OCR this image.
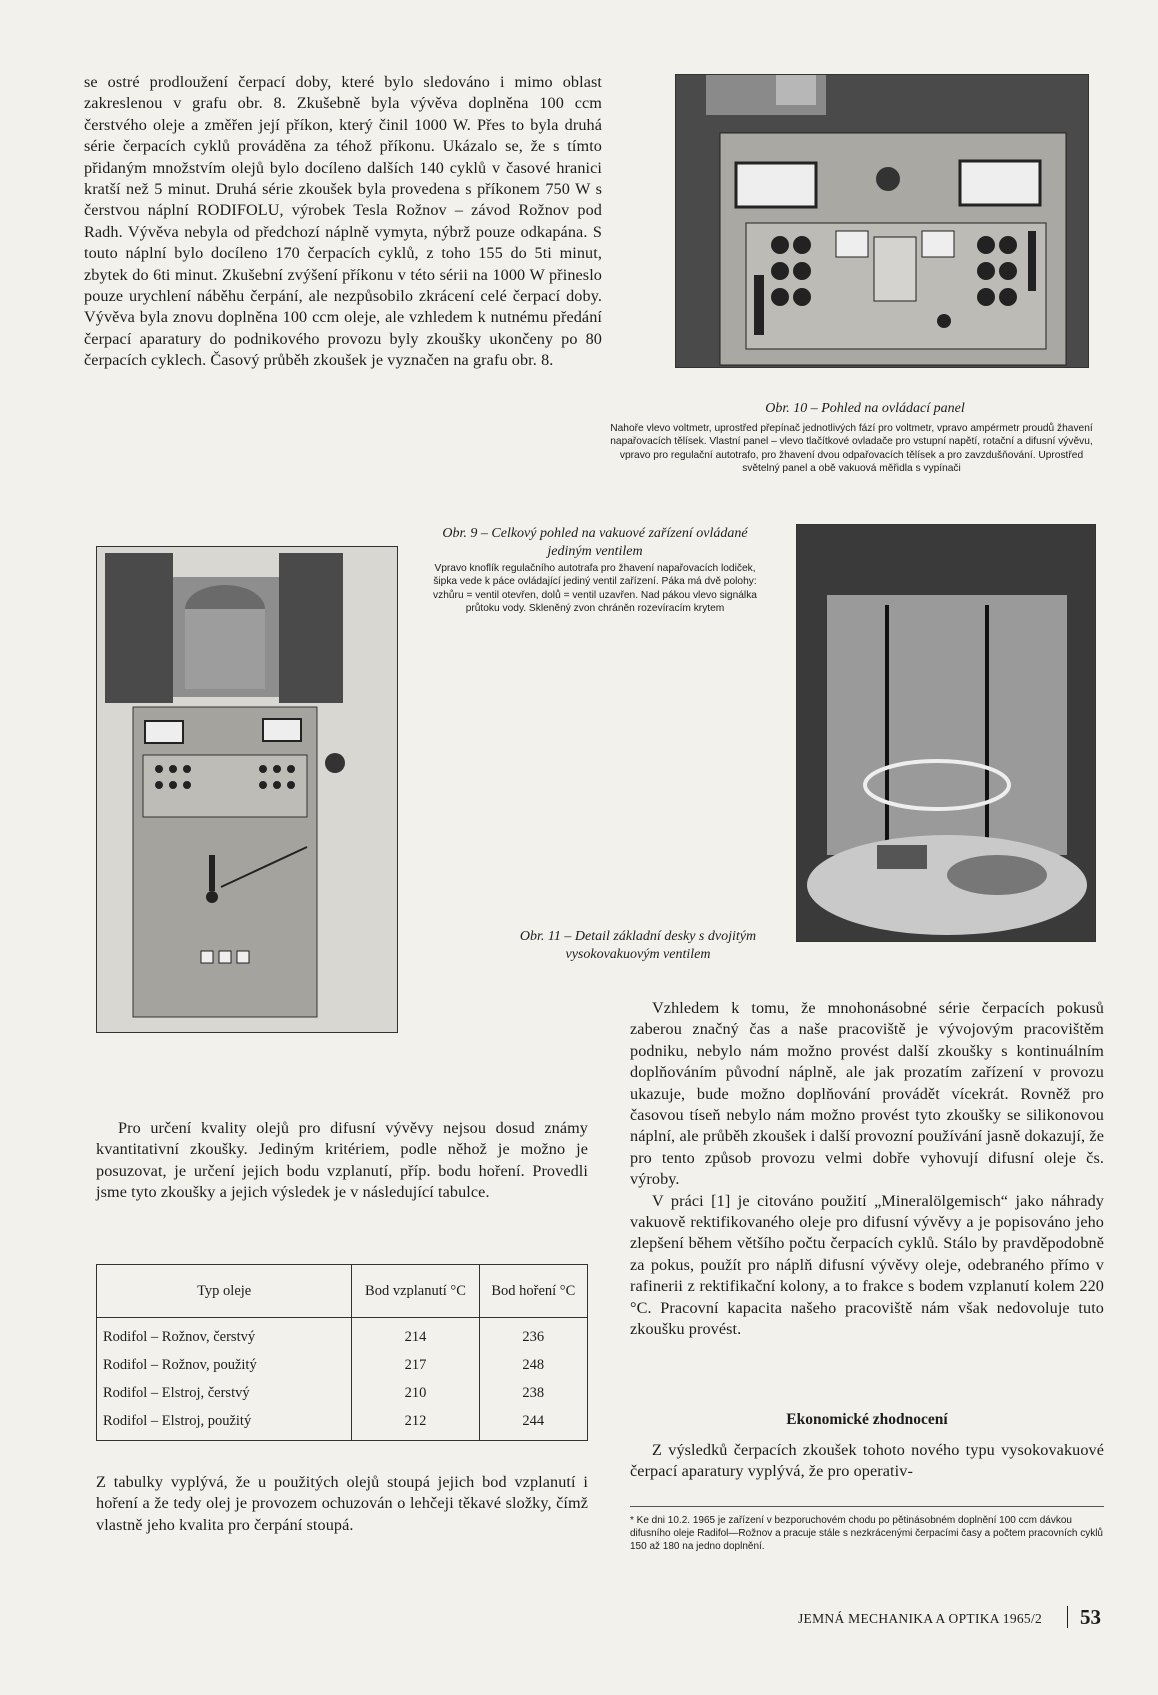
se ostré prodloužení čerpací doby, které bylo sledováno i mimo oblast zakreslenou v grafu obr. 8. Zkušebně byla vývěva doplněna 100 ccm čerstvého oleje a změřen její příkon, který činil 1000 W. Přes to byla druhá série čerpacích cyklů prováděna za téhož příkonu. Ukázalo se, že s tímto přidaným množstvím olejů bylo docíleno dalších 140 cyklů v časové hranici kratší než 5 minut. Druhá série zkoušek byla provedena s příkonem 750 W s čerstvou náplní RODIFOLU, výrobek Tesla Rožnov – závod Rožnov pod Radh. Vývěva nebyla od předchozí náplně vymyta, nýbrž pouze odkapána. S touto náplní bylo docíleno 170 čerpacích cyklů, z toho 155 do 5ti minut, zbytek do 6ti minut. Zkušební zvýšení příkonu v této sérii na 1000 W přineslo pouze urychlení náběhu čerpání, ale nezpůsobilo zkrácení celé čerpací doby. Vývěva byla znovu doplněna 100 ccm oleje, ale vzhledem k nutnému předání čerpací aparatury do podnikového provozu byly zkoušky ukončeny po 80 čerpacích cyklech. Časový průběh zkoušek je vyznačen na grafu obr. 8.

Obr. 10 – Pohled na ovládací panel
Nahoře vlevo voltmetr, uprostřed přepínač jednotlivých fází pro voltmetr, vpravo ampérmetr proudů žhavení napařovacích tělísek. Vlastní panel – vlevo tlačítkové ovladače pro vstupní napětí, rotační a difusní vývěvu, vpravo pro regulační autotrafo, pro žhavení dvou odpařovacích tělísek a pro zavzdušňování. Uprostřed světelný panel a obě vakuová měřidla s vypínači
Obr. 9 – Celkový pohled na vakuové zařízení ovládané jediným ventilem
Vpravo knoflík regulačního autotrafa pro žhavení napařovacích lodiček, šipka vede k páce ovládající jediný ventil zařízení. Páka má dvě polohy: vzhůru = ventil otevřen, dolů = ventil uzavřen. Nad pákou vlevo signálka průtoku vody. Skleněný zvon chráněn rozevíracím krytem
Obr. 11 – Detail základní desky s dvojitým vysokovakuovým ventilem

Vzhledem k tomu, že mnohonásobné série čerpacích pokusů zaberou značný čas a naše pracoviště je vývojovým pracovištěm podniku, nebylo nám možno provést další zkoušky s kontinuálním doplňováním původní náplně, ale jak prozatím zařízení v provozu ukazuje, bude možno doplňování provádět vícekrát. Rovněž pro časovou tíseň nebylo nám možno provést tyto zkoušky se silikonovou náplní, ale průběh zkoušek i další provozní používání jasně dokazují, že pro tento způsob provozu velmi dobře vyhovují difusní oleje čs. výroby.

V práci [1] je citováno použití „Mineralölgemisch“ jako náhrady vakuově rektifikovaného oleje pro difusní vývěvy a je popisováno jeho zlepšení během většího počtu čerpacích cyklů. Stálo by pravděpodobně za pokus, použít pro náplň difusní vývěvy oleje, odebraného přímo v rafinerii z rektifikační kolony, a to frakce s bodem vzplanutí kolem 220 °C. Pracovní kapacita našeho pracoviště nám však nedovoluje tuto zkoušku provést.

Ekonomické zhodnocení

Z výsledků čerpacích zkoušek tohoto nového typu vysokovakuové čerpací aparatury vyplývá, že pro operativ-

* Ke dni 10.2. 1965 je zařízení v bezporuchovém chodu po pětinásobném doplnění 100 ccm dávkou difusního oleje Radifol—Rožnov a pracuje stále s nezkrácenými čerpacími časy a počtem pracovních cyklů 150 až 180 na jedno doplnění.

Pro určení kvality olejů pro difusní vývěvy nejsou dosud známy kvantitativní zkoušky. Jediným kritériem, podle něhož je možno je posuzovat, je určení jejich bodu vzplanutí, příp. bodu hoření. Provedli jsme tyto zkoušky a jejich výsledek je v následující tabulce.

Typ oleje	Bod vzplanutí °C	Bod hoření °C
Rodifol – Rožnov, čerstvý	214	236
Rodifol – Rožnov, použitý	217	248
Rodifol – Elstroj, čerstvý	210	238
Rodifol – Elstroj, použitý	212	244

Z tabulky vyplývá, že u použitých olejů stoupá jejich bod vzplanutí i hoření a že tedy olej je provozem ochuzován o lehčeji těkavé složky, čímž vlastně jeho kvalita pro čerpání stoupá.

JEMNÁ MECHANIKA A OPTIKA 1965/2 53
